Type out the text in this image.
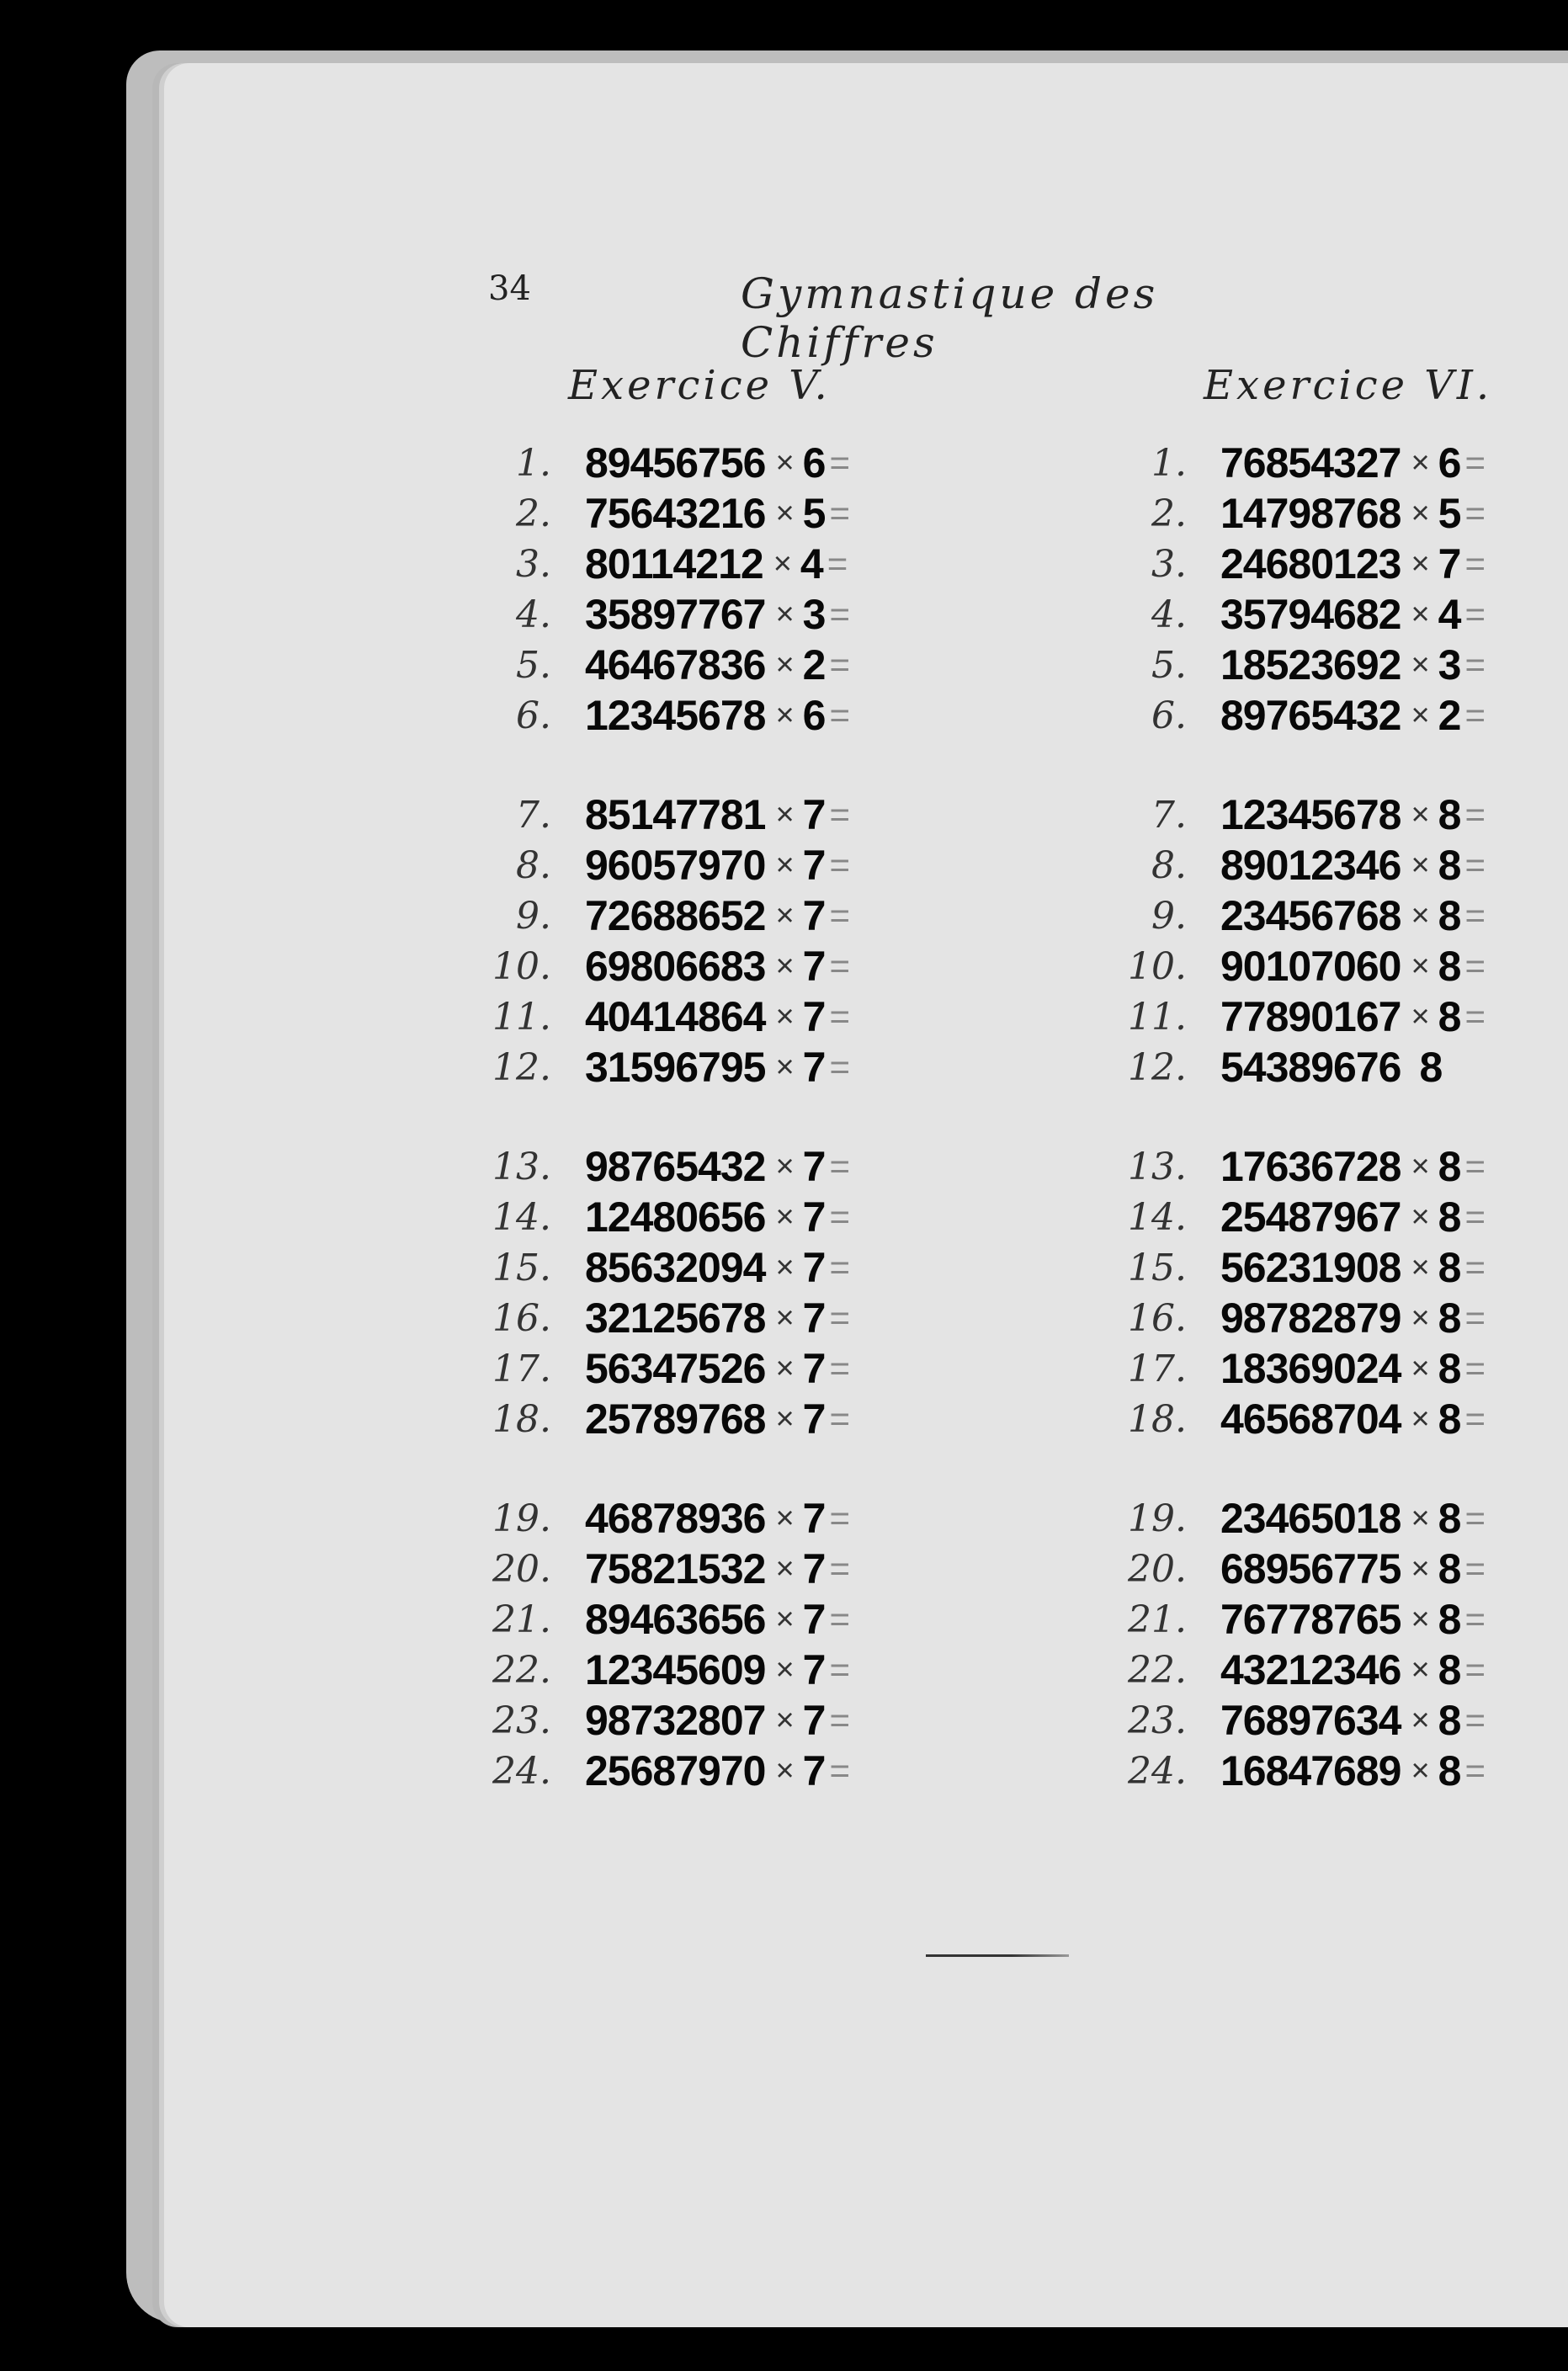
34	Gymnastique des Chiffres
Exercice V.
1. 89456756 × 6 =
2. 75643216 × 5 =
3. 80114212 × 4 =
4. 35897767 × 3 =
5. 46467836 × 2 =
6. 12345678 × 6 =
7. 85147781 × 7 =
8. 96057970 × 7 =
9. 72688652 × 7 =
10. 69806683 × 7 =
11. 40414864 × 7 =
12. 31596795 × 7 =
13. 98765432 × 7 =
14. 12480656 × 7 =
15. 85632094 × 7 =
16. 32125678 × 7 =
17. 56347526 × 7 =
18. 25789768 × 7 =
19. 46878936 × 7 =
20. 75821532 × 7 =
21. 89463656 × 7 =
22. 12345609 × 7 =
23. 98732807 × 7 =
24. 25687970 × 7 =
Exercice VI.
1. 76854327 × 6 =
2. 14798768 × 5 =
3. 24680123 × 7 =
4. 35794682 × 4 =
5. 18523692 × 3 =
6. 89765432 × 2 =
7. 12345678 × 8 =
8. 89012346 × 8 =
9. 23456768 × 8 =
10. 90107060 × 8 =
11. 77890167 × 8 =
12. 54389676 8
13. 17636728 × 8 =
14. 25487967 × 8 =
15. 56231908 × 8 =
16. 98782879 × 8 =
17. 18369024 × 8 =
18. 46568704 × 8 =
19. 23465018 × 8 =
20. 68956775 × 8 =
21. 76778765 × 8 =
22. 43212346 × 8 =
23. 76897634 × 8 =
24. 16847689 × 8 =
